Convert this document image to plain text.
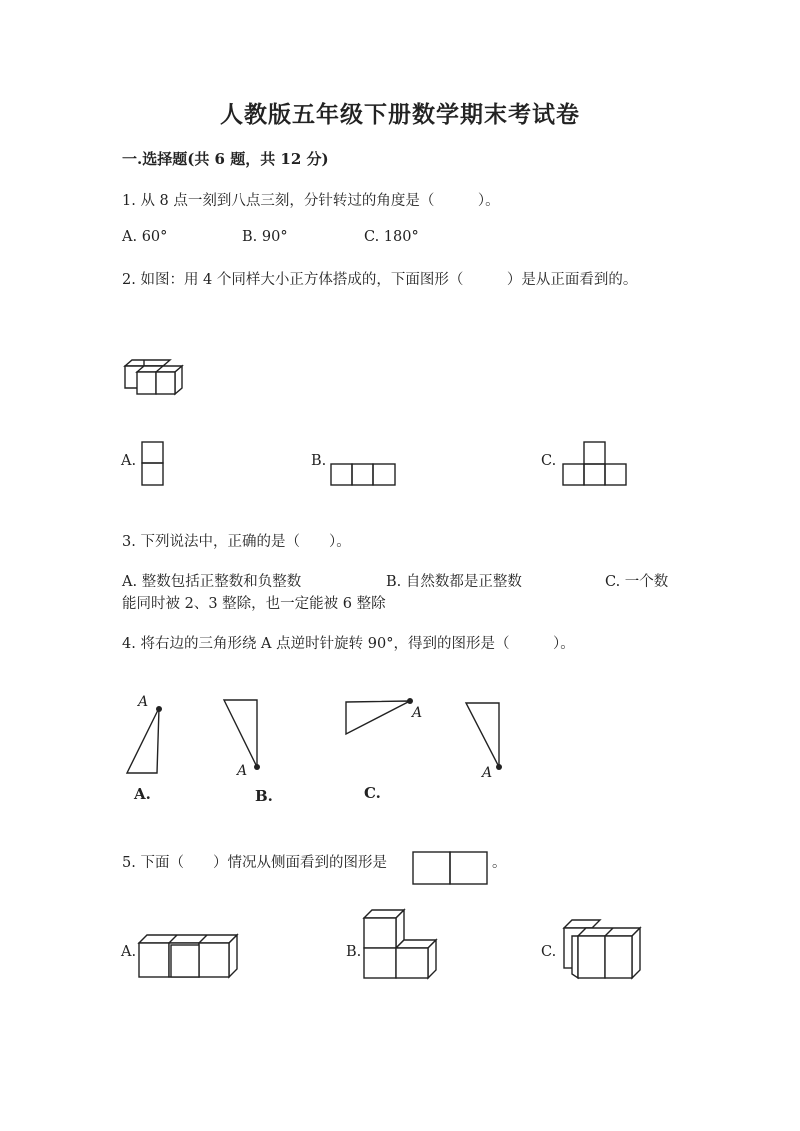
人教版五年级下册数学期末考试卷
一.选择题(共 6 题，共 12 分)
1. 从 8 点一刻到八点三刻，分针转过的角度是（　　　）。
A. 60°	B. 90°	C. 180°
2. 如图：用 4 个同样大小正方体搭成的，下面图形（　　　）是从正面看到的。
A.	B.	C.
3. 下列说法中，正确的是（　　）。
A. 整数包括正整数和负整数	B. 自然数都是正整数	C. 一个数
能同时被 2、3 整除，也一定能被 6 整除
4. 将右边的三角形绕 A 点逆时针旋转 90°，得到的图形是（　　　）。
A
A.
A
B.
A
C.
A
5. 下面（　　）情况从侧面看到的图形是	。
A.	B.	C.
